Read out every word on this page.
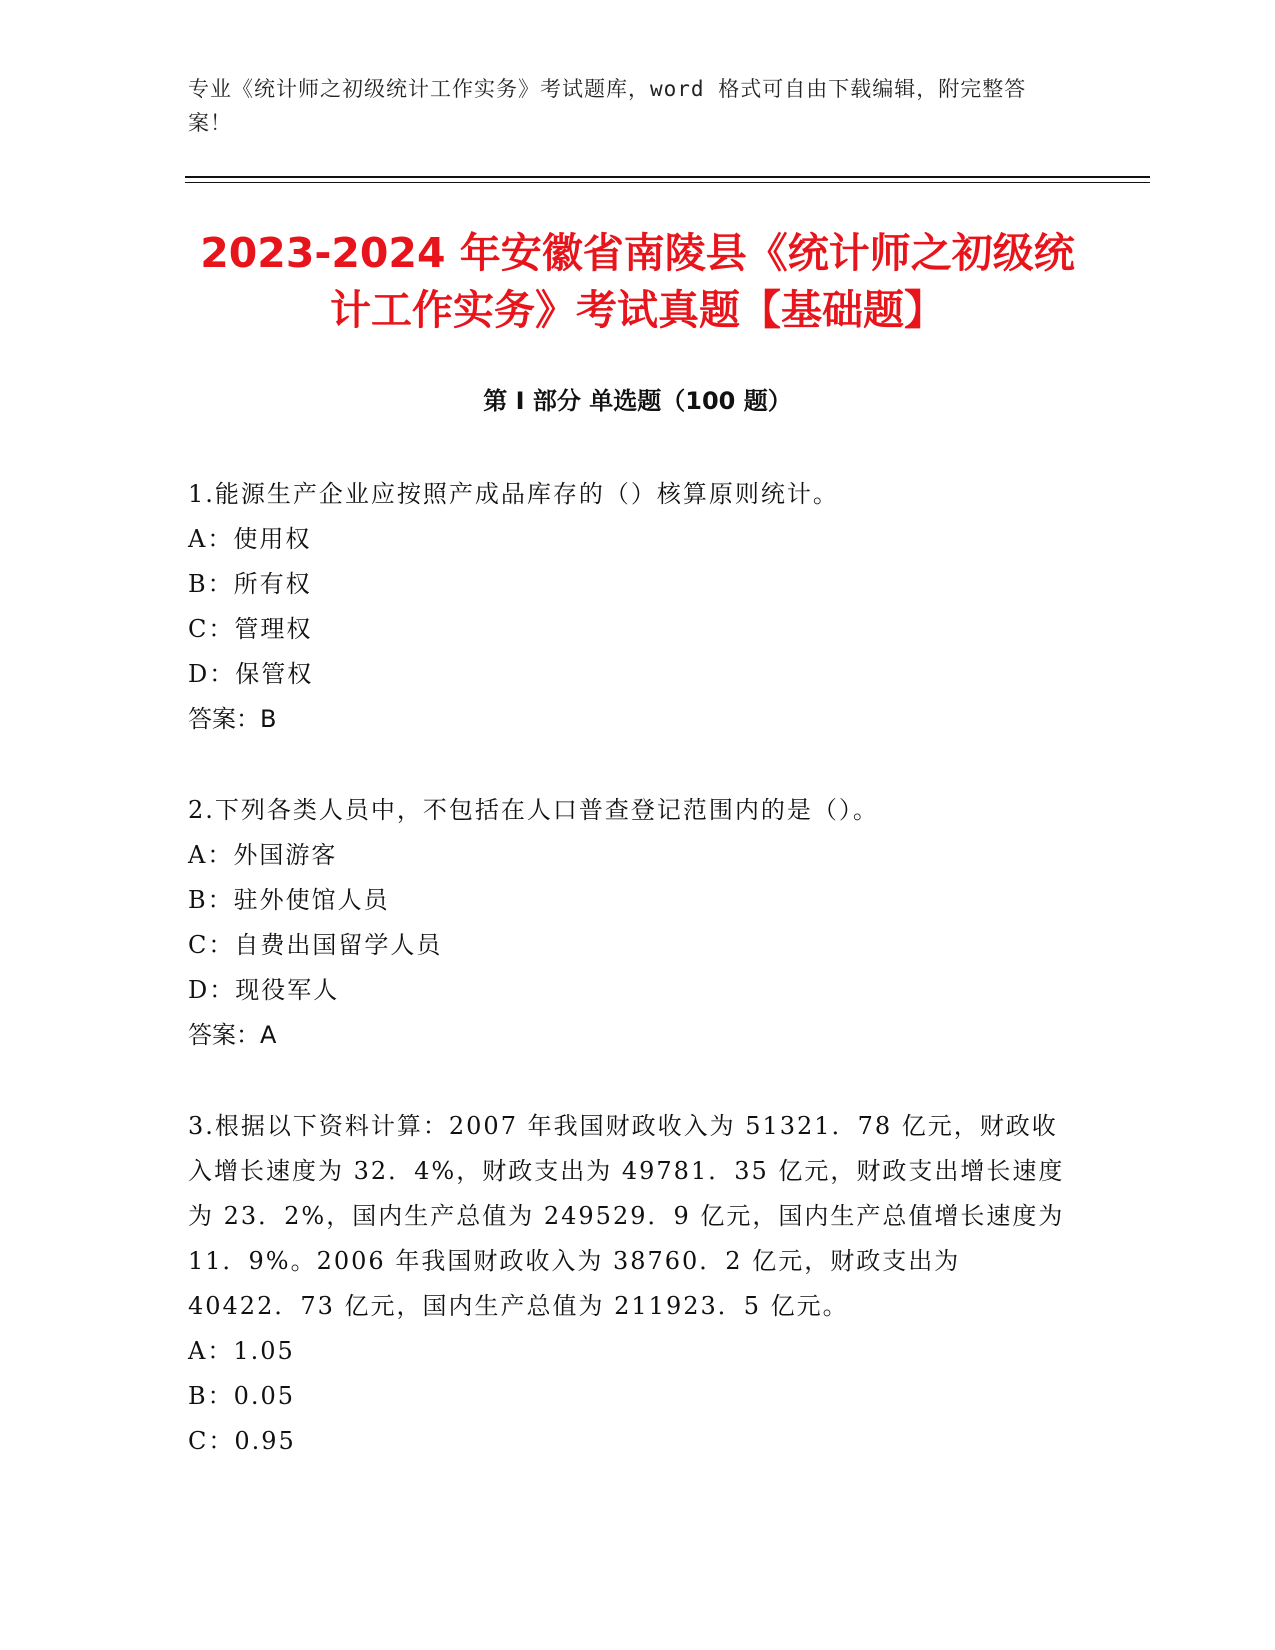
专业《统计师之初级统计工作实务》考试题库，word 格式可自由下载编辑，附完整答案！
2023-2024 年安徽省南陵县《统计师之初级统计工作实务》考试真题【基础题】
第 I 部分 单选题（100 题）

1.能源生产企业应按照产成品库存的（）核算原则统计。

A：使用权

B：所有权

C：管理权

D：保管权

答案：B

2.下列各类人员中，不包括在人口普查登记范围内的是（）。

A：外国游客

B：驻外使馆人员

C：自费出国留学人员

D：现役军人

答案：A

3.根据以下资料计算：2007 年我国财政收入为 51321．78 亿元，财政收入增长速度为 32．4%，财政支出为 49781．35 亿元，财政支出增长速度为 23．2%，国内生产总值为 249529．9 亿元，国内生产总值增长速度为 11．9%。2006 年我国财政收入为 38760．2 亿元，财政支出为 40422．73 亿元，国内生产总值为 211923．5 亿元。

A：1.05

B：0.05

C：0.95
